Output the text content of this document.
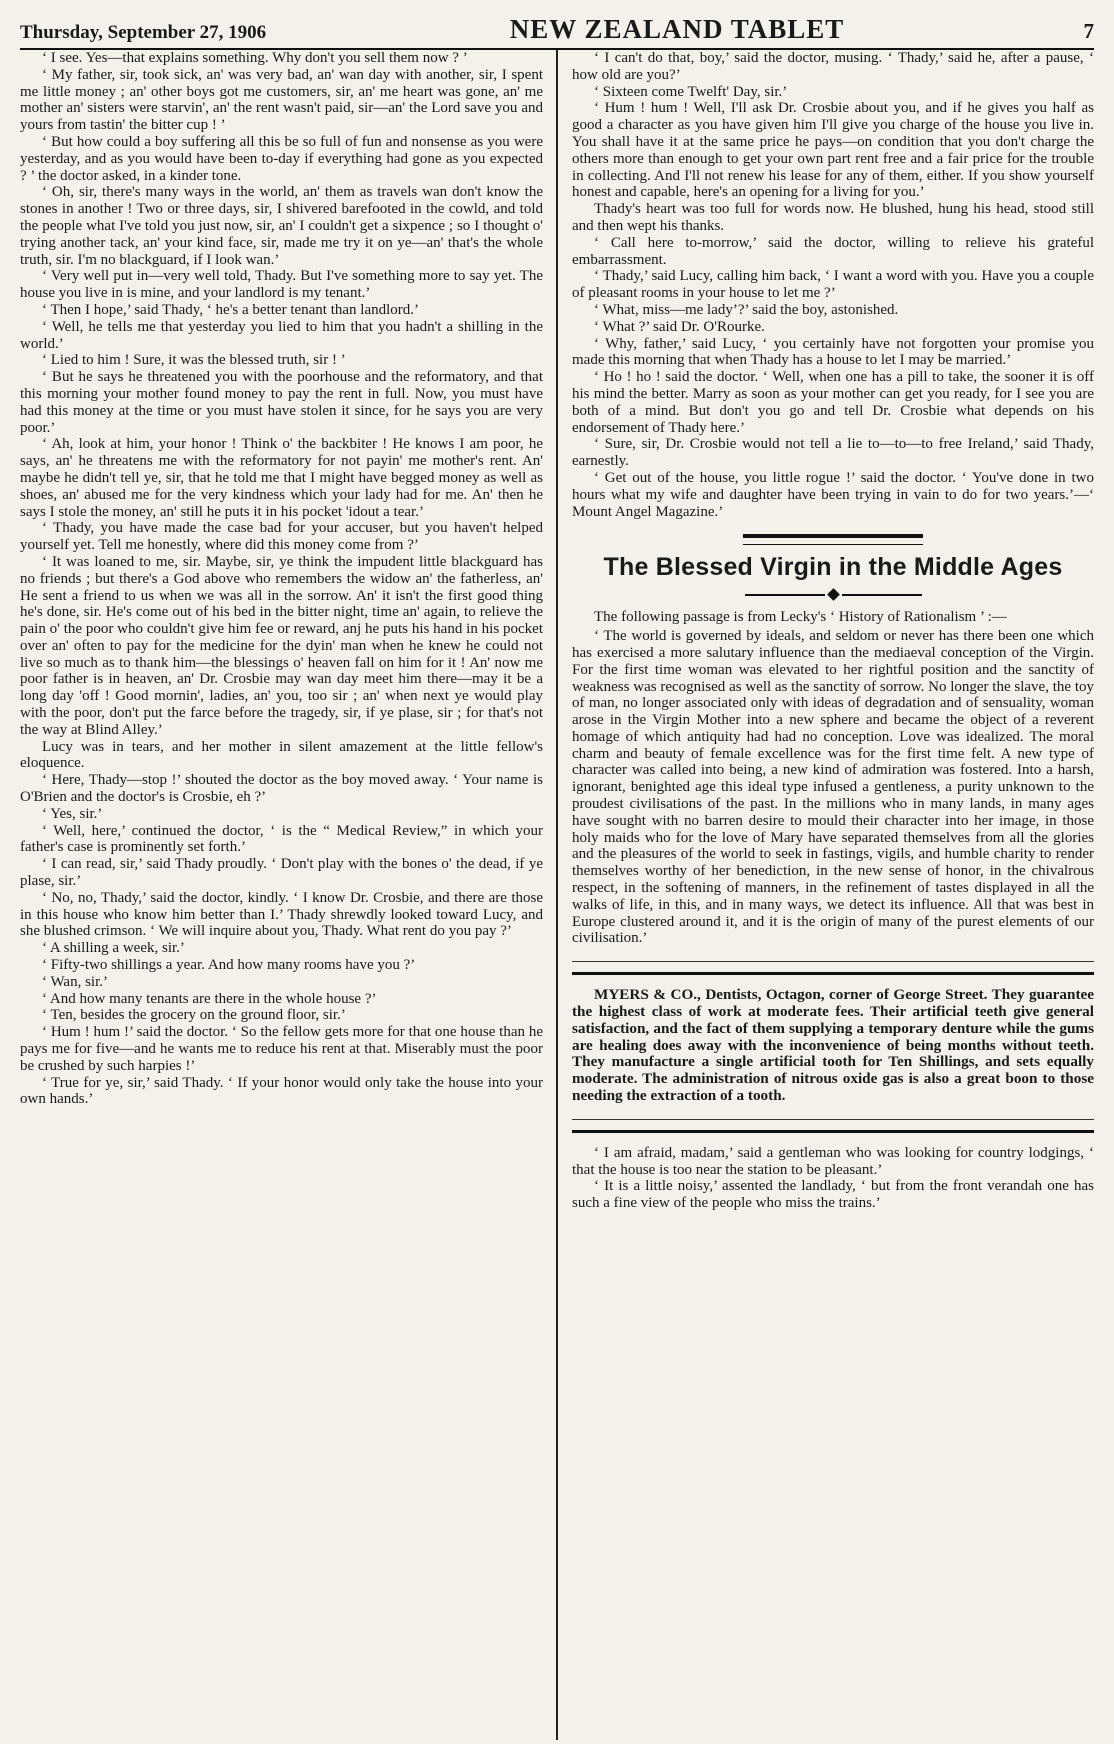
Thursday, September 27, 1906	NEW ZEALAND TABLET	7

‘ I see. Yes—that explains something. Why don't you sell them now ? ’

‘ My father, sir, took sick, an' was very bad, an' wan day with another, sir, I spent me little money ; an' other boys got me customers, sir, an' me heart was gone, an' me mother an' sisters were starvin', an' the rent wasn't paid, sir—an' the Lord save you and yours from tastin' the bitter cup ! ’

‘ But how could a boy suffering all this be so full of fun and nonsense as you were yesterday, and as you would have been to-day if everything had gone as you expected ? ’ the doctor asked, in a kinder tone.

‘ Oh, sir, there's many ways in the world, an' them as travels wan don't know the stones in another ! Two or three days, sir, I shivered barefooted in the cowld, and told the people what I've told you just now, sir, an' I couldn't get a sixpence ; so I thought o' trying another tack, an' your kind face, sir, made me try it on ye—an' that's the whole truth, sir. I'm no blackguard, if I look wan.’

‘ Very well put in—very well told, Thady. But I've something more to say yet. The house you live in is mine, and your landlord is my tenant.’

‘ Then I hope,’ said Thady, ‘ he's a better tenant than landlord.’

‘ Well, he tells me that yesterday you lied to him that you hadn't a shilling in the world.’

‘ Lied to him ! Sure, it was the blessed truth, sir ! ’

‘ But he says he threatened you with the poorhouse and the reformatory, and that this morning your mother found money to pay the rent in full. Now, you must have had this money at the time or you must have stolen it since, for he says you are very poor.’

‘ Ah, look at him, your honor ! Think o' the backbiter ! He knows I am poor, he says, an' he threatens me with the reformatory for not payin' me mother's rent. An' maybe he didn't tell ye, sir, that he told me that I might have begged money as well as shoes, an' abused me for the very kindness which your lady had for me. An' then he says I stole the money, an' still he puts it in his pocket 'idout a tear.’

‘ Thady, you have made the case bad for your accuser, but you haven't helped yourself yet. Tell me honestly, where did this money come from ?’

‘ It was loaned to me, sir. Maybe, sir, ye think the impudent little blackguard has no friends ; but there's a God above who remembers the widow an' the fatherless, an' He sent a friend to us when we was all in the sorrow. An' it isn't the first good thing he's done, sir. He's come out of his bed in the bitter night, time an' again, to relieve the pain o' the poor who couldn't give him fee or reward, anj he puts his hand in his pocket over an' often to pay for the medicine for the dyin' man when he knew he could not live so much as to thank him—the blessings o' heaven fall on him for it ! An' now me poor father is in heaven, an' Dr. Crosbie may wan day meet him there—may it be a long day 'off ! Good mornin', ladies, an' you, too sir ; an' when next ye would play with the poor, don't put the farce before the tragedy, sir, if ye plase, sir ; for that's not the way at Blind Alley.’

Lucy was in tears, and her mother in silent amazement at the little fellow's eloquence.

‘ Here, Thady—stop !’ shouted the doctor as the boy moved away. ‘ Your name is O'Brien and the doctor's is Crosbie, eh ?’

‘ Yes, sir.’

‘ Well, here,’ continued the doctor, ‘ is the “ Medical Review,” in which your father's case is prominently set forth.’

‘ I can read, sir,’ said Thady proudly. ‘ Don't play with the bones o' the dead, if ye plase, sir.’

‘ No, no, Thady,’ said the doctor, kindly. ‘ I know Dr. Crosbie, and there are those in this house who know him better than I.’ Thady shrewdly looked toward Lucy, and she blushed crimson. ‘ We will inquire about you, Thady. What rent do you pay ?’

‘ A shilling a week, sir.’

‘ Fifty-two shillings a year. And how many rooms have you ?’

‘ Wan, sir.’

‘ And how many tenants are there in the whole house ?’

‘ Ten, besides the grocery on the ground floor, sir.’

‘ Hum ! hum !’ said the doctor. ‘ So the fellow gets more for that one house than he pays me for five—and he wants me to reduce his rent at that. Miserably must the poor be crushed by such harpies !’

‘ True for ye, sir,’ said Thady. ‘ If your honor would only take the house into your own hands.’

‘ I can't do that, boy,’ said the doctor, musing. ‘ Thady,’ said he, after a pause, ‘ how old are you?’

‘ Sixteen come Twelft' Day, sir.’

‘ Hum ! hum ! Well, I'll ask Dr. Crosbie about you, and if he gives you half as good a character as you have given him I'll give you charge of the house you live in. You shall have it at the same price he pays—on condition that you don't charge the others more than enough to get your own part rent free and a fair price for the trouble in collecting. And I'll not renew his lease for any of them, either. If you show yourself honest and capable, here's an opening for a living for you.’

Thady's heart was too full for words now. He blushed, hung his head, stood still and then wept his thanks.

‘ Call here to-morrow,’ said the doctor, willing to relieve his grateful embarrassment.

‘ Thady,’ said Lucy, calling him back, ‘ I want a word with you. Have you a couple of pleasant rooms in your house to let me ?’

‘ What, miss—me lady’?’ said the boy, astonished.

‘ What ?’ said Dr. O'Rourke.

‘ Why, father,’ said Lucy, ‘ you certainly have not forgotten your promise you made this morning that when Thady has a house to let I may be married.’

‘ Ho ! ho ! said the doctor. ‘ Well, when one has a pill to take, the sooner it is off his mind the better. Marry as soon as your mother can get you ready, for I see you are both of a mind. But don't you go and tell Dr. Crosbie what depends on his endorsement of Thady here.’

‘ Sure, sir, Dr. Crosbie would not tell a lie to—to—to free Ireland,’ said Thady, earnestly.

‘ Get out of the house, you little rogue !’ said the doctor. ‘ You've done in two hours what my wife and daughter have been trying in vain to do for two years.’—‘ Mount Angel Magazine.’

The Blessed Virgin in the Middle Ages

The following passage is from Lecky's ‘ History of Rationalism ’ :—

‘ The world is governed by ideals, and seldom or never has there been one which has exercised a more salutary influence than the mediaeval conception of the Virgin. For the first time woman was elevated to her rightful position and the sanctity of weakness was recognised as well as the sanctity of sorrow. No longer the slave, the toy of man, no longer associated only with ideas of degradation and of sensuality, woman arose in the Virgin Mother into a new sphere and became the object of a reverent homage of which antiquity had had no conception. Love was idealized. The moral charm and beauty of female excellence was for the first time felt. A new type of character was called into being, a new kind of admiration was fostered. Into a harsh, ignorant, benighted age this ideal type infused a gentleness, a purity unknown to the proudest civilisations of the past. In the millions who in many lands, in many ages have sought with no barren desire to mould their character into her image, in those holy maids who for the love of Mary have separated themselves from all the glories and the pleasures of the world to seek in fastings, vigils, and humble charity to render themselves worthy of her benediction, in the new sense of honor, in the chivalrous respect, in the softening of manners, in the refinement of tastes displayed in all the walks of life, in this, and in many ways, we detect its influence. All that was best in Europe clustered around it, and it is the origin of many of the purest elements of our civilisation.’

MYERS & CO., Dentists, Octagon, corner of George Street. They guarantee the highest class of work at moderate fees. Their artificial teeth give general satisfaction, and the fact of them supplying a temporary denture while the gums are healing does away with the inconvenience of being months without teeth. They manufacture a single artificial tooth for Ten Shillings, and sets equally moderate. The administration of nitrous oxide gas is also a great boon to those needing the extraction of a tooth.

‘ I am afraid, madam,’ said a gentleman who was looking for country lodgings, ‘ that the house is too near the station to be pleasant.’

‘ It is a little noisy,’ assented the landlady, ‘ but from the front verandah one has such a fine view of the people who miss the trains.’
